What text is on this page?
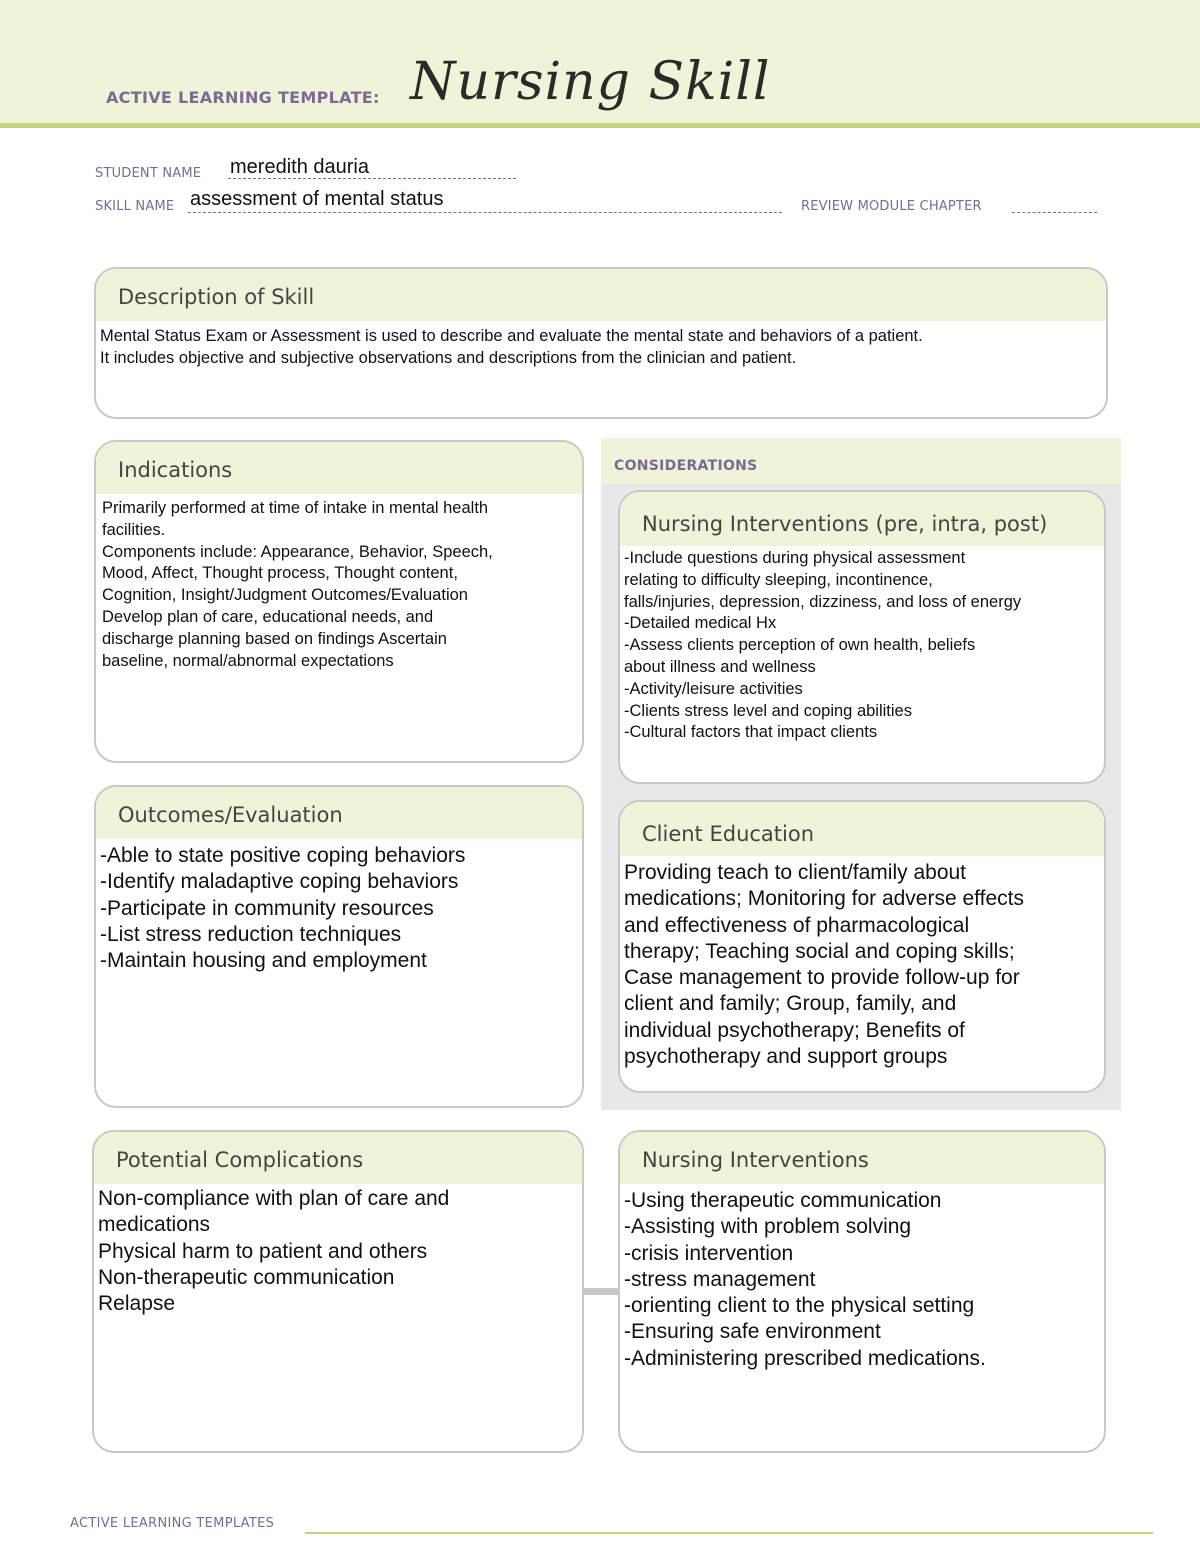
ACTIVE LEARNING TEMPLATE: Nursing Skill
STUDENT NAME meredith dauria
SKILL NAME assessment of mental status	REVIEW MODULE CHAPTER
Description of Skill
Mental Status Exam or Assessment is used to describe and evaluate the mental state and behaviors of a patient.
It includes objective and subjective observations and descriptions from the clinician and patient.
Indications
Primarily performed at time of intake in mental health
facilities.
Components include: Appearance, Behavior, Speech,
Mood, Affect, Thought process, Thought content,
Cognition, Insight/Judgment Outcomes/Evaluation
Develop plan of care, educational needs, and
discharge planning based on findings Ascertain
baseline, normal/abnormal expectations
CONSIDERATIONS
Nursing Interventions (pre, intra, post)
-Include questions during physical assessment
relating to difficulty sleeping, incontinence,
falls/injuries, depression, dizziness, and loss of energy
-Detailed medical Hx
-Assess clients perception of own health, beliefs
about illness and wellness
-Activity/leisure activities
-Clients stress level and coping abilities
-Cultural factors that impact clients
Outcomes/Evaluation
-Able to state positive coping behaviors
-Identify maladaptive coping behaviors
-Participate in community resources
-List stress reduction techniques
-Maintain housing and employment
Client Education
Providing teach to client/family about
medications; Monitoring for adverse effects
and effectiveness of pharmacological
therapy; Teaching social and coping skills;
Case management to provide follow-up for
client and family; Group, family, and
individual psychotherapy; Benefits of
psychotherapy and support groups
Potential Complications
Non-compliance with plan of care and
medications
Physical harm to patient and others
Non-therapeutic communication
Relapse
Nursing Interventions
-Using therapeutic communication
-Assisting with problem solving
-crisis intervention
-stress management
-orienting client to the physical setting
-Ensuring safe environment
-Administering prescribed medications.
ACTIVE LEARNING TEMPLATES
